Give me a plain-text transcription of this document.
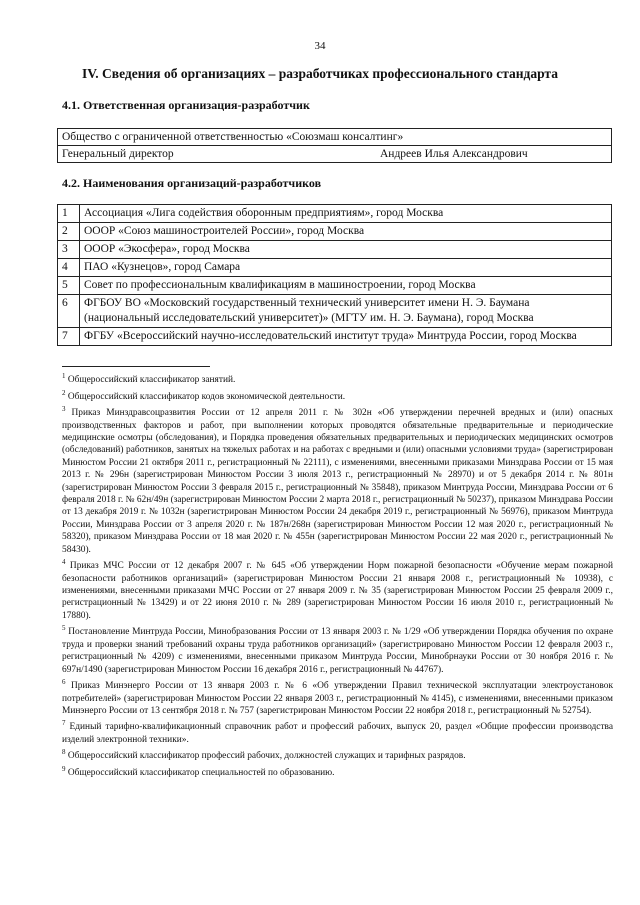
34
IV. Сведения об организациях – разработчиках профессионального стандарта
4.1. Ответственная организация-разработчик
Общество с ограниченной ответственностью «Союзмаш консалтинг»
Генеральный директор	Андреев Илья Александрович
4.2. Наименования организаций-разработчиков
1	Ассоциация «Лига содействия оборонным предприятиям», город Москва
2	ОООР «Союз машиностроителей России», город Москва
3	ОООР «Экосфера», город Москва
4	ПАО «Кузнецов», город Самара
5	Совет по профессиональным квалификациям в машиностроении, город Москва
6	ФГБОУ ВО «Московский государственный технический университет имени Н. Э. Баумана (национальный исследовательский университет)» (МГТУ им. Н. Э. Баумана), город Москва
7	ФГБУ «Всероссийский научно-исследовательский институт труда» Минтруда России, город Москва

$^1$ Общероссийский классификатор занятий.

$^2$ Общероссийский классификатор кодов экономической деятельности.

$^3$ Приказ Минздравсоцразвития России от 12 апреля 2011 г. № 302н «Об утверждении перечней вредных и (или) опасных производственных факторов и работ, при выполнении которых проводятся обязательные предварительные и периодические медицинские осмотры (обследования), и Порядка проведения обязательных предварительных и периодических медицинских осмотров (обследований) работников, занятых на тяжелых работах и на работах с вредными и (или) опасными условиями труда» (зарегистрирован Минюстом России 21 октября 2011 г., регистрационный № 22111), с изменениями, внесенными приказами Минздрава России от 15 мая 2013 г. № 296н (зарегистрирован Минюстом России 3 июля 2013 г., регистрационный № 28970) и от 5 декабря 2014 г. № 801н (зарегистрирован Минюстом России 3 февраля 2015 г., регистрационный № 35848), приказом Минтруда России, Минздрава России от 6 февраля 2018 г. № 62н/49н (зарегистрирован Минюстом России 2 марта 2018 г., регистрационный № 50237), приказом Минздрава России от 13 декабря 2019 г. № 1032н (зарегистрирован Минюстом России 24 декабря 2019 г., регистрационный № 56976), приказом Минтруда России, Минздрава России от 3 апреля 2020 г. № 187н/268н (зарегистрирован Минюстом России 12 мая 2020 г., регистрационный № 58320), приказом Минздрава России от 18 мая 2020 г. № 455н (зарегистрирован Минюстом России 22 мая 2020 г., регистрационный № 58430).

$^4$ Приказ МЧС России от 12 декабря 2007 г. № 645 «Об утверждении Норм пожарной безопасности «Обучение мерам пожарной безопасности работников организаций» (зарегистрирован Минюстом России 21 января 2008 г., регистрационный № 10938), с изменениями, внесенными приказами МЧС России от 27 января 2009 г. № 35 (зарегистрирован Минюстом России 25 февраля 2009 г., регистрационный № 13429) и от 22 июня 2010 г. № 289 (зарегистрирован Минюстом России 16 июля 2010 г., регистрационный № 17880).

$^5$ Постановление Минтруда России, Минобразования России от 13 января 2003 г. № 1/29 «Об утверждении Порядка обучения по охране труда и проверки знаний требований охраны труда работников организаций» (зарегистрировано Минюстом России 12 февраля 2003 г., регистрационный № 4209) с изменениями, внесенными приказом Минтруда России, Минобрнауки России от 30 ноября 2016 г. № 697н/1490 (зарегистрирован Минюстом России 16 декабря 2016 г., регистрационный № 44767).

$^6$ Приказ Минэнерго России от 13 января 2003 г. № 6 «Об утверждении Правил технической эксплуатации электроустановок потребителей» (зарегистрирован Минюстом России 22 января 2003 г., регистрационный № 4145), с изменениями, внесенными приказом Минэнерго России от 13 сентября 2018 г. № 757 (зарегистрирован Минюстом России 22 ноября 2018 г., регистрационный № 52754).

$^7$ Единый тарифно-квалификационный справочник работ и профессий рабочих, выпуск 20, раздел «Общие профессии производства изделий электронной техники».

$^8$ Общероссийский классификатор профессий рабочих, должностей служащих и тарифных разрядов.

$^9$ Общероссийский классификатор специальностей по образованию.
